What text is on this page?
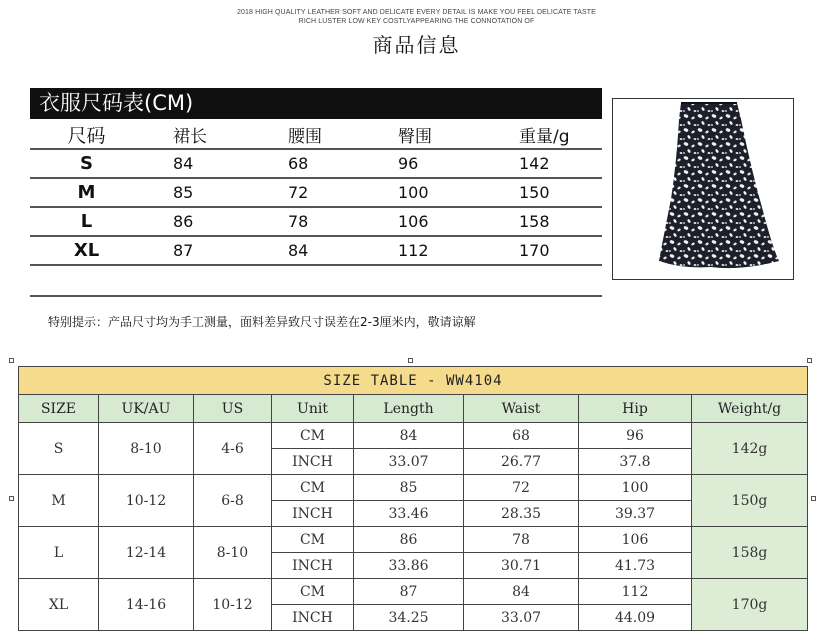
2018 HIGH QUALITY LEATHER SOFT AND DELICATE EVERY DETAIL IS MAKE YOU FEEL DELICATE TASTE
RICH LUSTER LOW KEY COSTLYAPPEARING THE CONNOTATION OF
商品信息
衣服尺码表(CM)
尺码	裙长	腰围	臀围	重量/g
S	84	68	96	142
M	85	72	100	150
L	86	78	106	158
XL	87	84	112	170
特别提示：产品尺寸均为手工测量，面料差异致尺寸误差在2-3厘米内，敬请谅解
SIZE TABLE - WW4104							
SIZE	UK/AU	US	Unit	Length	Waist	Hip	Weight/g
S	8-10	4-6	CM	84	68	96	142g
			INCH	33.07	26.77	37.8	
M	10-12	6-8	CM	85	72	100	150g
			INCH	33.46	28.35	39.37	
L	12-14	8-10	CM	86	78	106	158g
			INCH	33.86	30.71	41.73	
XL	14-16	10-12	CM	87	84	112	170g
			INCH	34.25	33.07	44.09	
